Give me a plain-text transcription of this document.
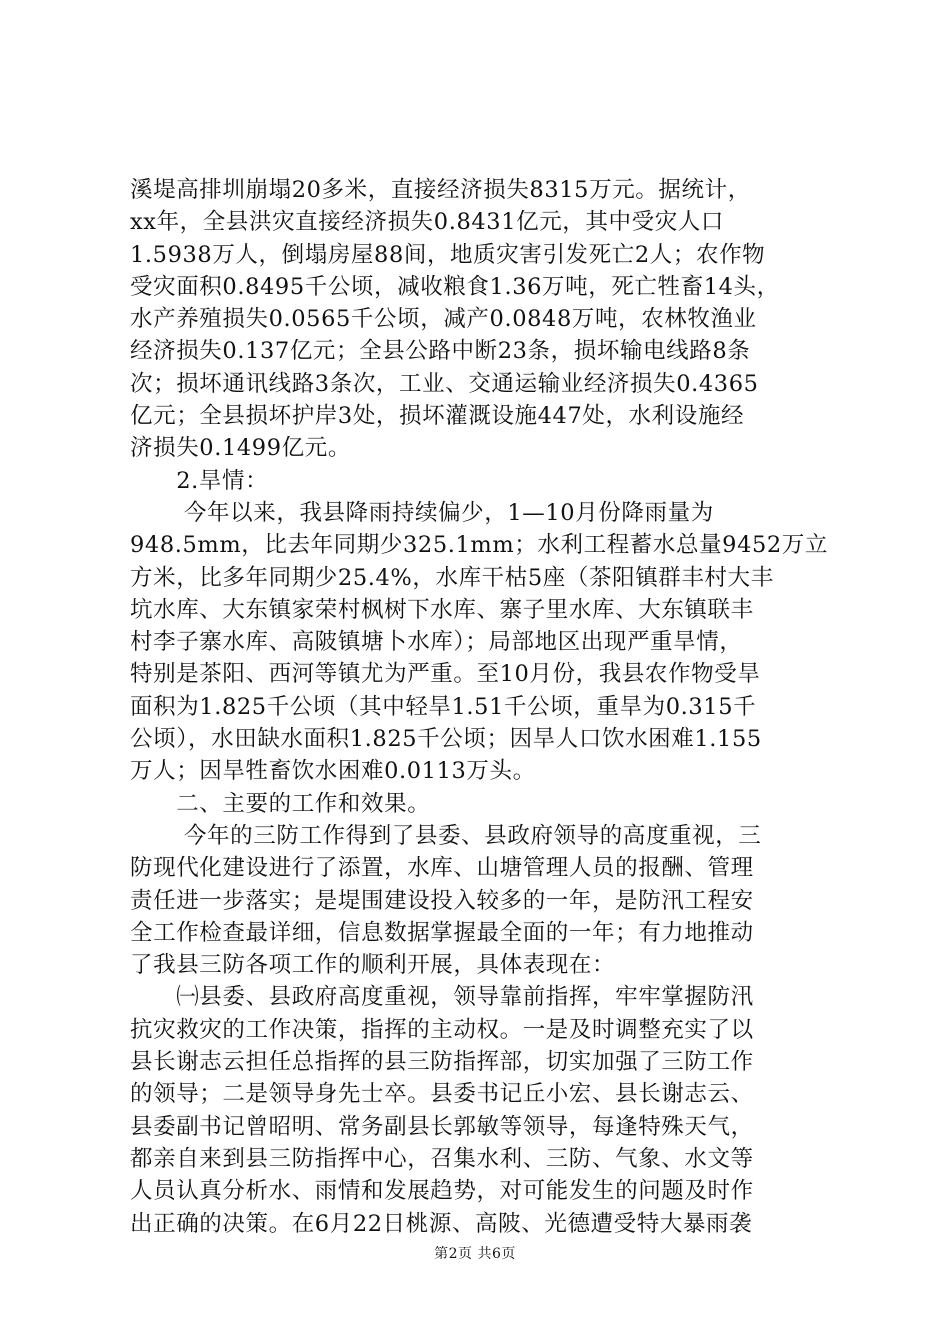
溪堤高排圳崩塌20多米，直接经济损失8315万元。据统计，
xx年，全县洪灾直接经济损失0.8431亿元，其中受灾人口
1.5938万人，倒塌房屋88间，地质灾害引发死亡2人；农作物
受灾面积0.8495千公顷，减收粮食1.36万吨，死亡牲畜14头，
水产养殖损失0.0565千公顷，减产0.0848万吨，农林牧渔业
经济损失0.137亿元；全县公路中断23条，损坏输电线路8条
次；损坏通讯线路3条次，工业、交通运输业经济损失0.4365
亿元；全县损坏护岸3处，损坏灌溉设施447处，水利设施经
济损失0.1499亿元。
　　2.旱情：
　　 今年以来，我县降雨持续偏少，1—10月份降雨量为
948.5mm，比去年同期少325.1mm；水利工程蓄水总量9452万立
方米，比多年同期少25.4%，水库干枯5座（茶阳镇群丰村大丰
坑水库、大东镇家荣村枫树下水库、寨子里水库、大东镇联丰
村李子寨水库、高陂镇塘卜水库）；局部地区出现严重旱情，
特别是茶阳、西河等镇尤为严重。至10月份，我县农作物受旱
面积为1.825千公顷（其中轻旱1.51千公顷，重旱为0.315千
公顷），水田缺水面积1.825千公顷；因旱人口饮水困难1.155
万人；因旱牲畜饮水困难0.0113万头。
　　二、主要的工作和效果。
　　 今年的三防工作得到了县委、县政府领导的高度重视，三
防现代化建设进行了添置，水库、山塘管理人员的报酬、管理
责任进一步落实；是堤围建设投入较多的一年，是防汛工程安
全工作检查最详细，信息数据掌握最全面的一年；有力地推动
了我县三防各项工作的顺利开展，具体表现在：
　　㈠县委、县政府高度重视，领导靠前指挥，牢牢掌握防汛
抗灾救灾的工作决策，指挥的主动权。一是及时调整充实了以
县长谢志云担任总指挥的县三防指挥部，切实加强了三防工作
的领导；二是领导身先士卒。县委书记丘小宏、县长谢志云、
县委副书记曾昭明、常务副县长郭敏等领导，每逢特殊天气，
都亲自来到县三防指挥中心，召集水利、三防、气象、水文等
人员认真分析水、雨情和发展趋势，对可能发生的问题及时作
出正确的决策。在6月22日桃源、高陂、光德遭受特大暴雨袭
第2页 共6页
